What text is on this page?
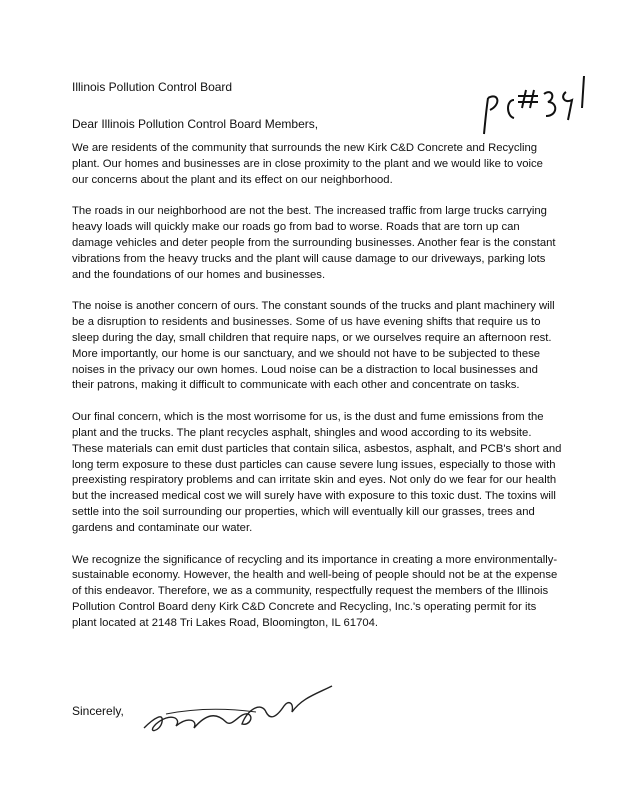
Illinois Pollution Control Board
Dear Illinois Pollution Control Board Members,

We are residents of the community that surrounds the new Kirk C&D Concrete and Recycling plant. Our homes and businesses are in close proximity to the plant and we would like to voice our concerns about the plant and its effect on our neighborhood.

The roads in our neighborhood are not the best. The increased traffic from large trucks carrying heavy loads will quickly make our roads go from bad to worse. Roads that are torn up can damage vehicles and deter people from the surrounding businesses. Another fear is the constant vibrations from the heavy trucks and the plant will cause damage to our driveways, parking lots and the foundations of our homes and businesses.

The noise is another concern of ours. The constant sounds of the trucks and plant machinery will be a disruption to residents and businesses. Some of us have evening shifts that require us to sleep during the day, small children that require naps, or we ourselves require an afternoon rest. More importantly, our home is our sanctuary, and we should not have to be subjected to these noises in the privacy our own homes. Loud noise can be a distraction to local businesses and their patrons, making it difficult to communicate with each other and concentrate on tasks.

Our final concern, which is the most worrisome for us, is the dust and fume emissions from the plant and the trucks. The plant recycles asphalt, shingles and wood according to its website. These materials can emit dust particles that contain silica, asbestos, asphalt, and PCB's short and long term exposure to these dust particles can cause severe lung issues, especially to those with preexisting respiratory problems and can irritate skin and eyes. Not only do we fear for our health but the increased medical cost we will surely have with exposure to this toxic dust. The toxins will settle into the soil surrounding our properties, which will eventually kill our grasses, trees and gardens and contaminate our water.

We recognize the significance of recycling and its importance in creating a more environmentally-sustainable economy. However, the health and well-being of people should not be at the expense of this endeavor. Therefore, we as a community, respectfully request the members of the Illinois Pollution Control Board deny Kirk C&D Concrete and Recycling, Inc.'s operating permit for its plant located at 2148 Tri Lakes Road, Bloomington, IL 61704.

Sincerely,
